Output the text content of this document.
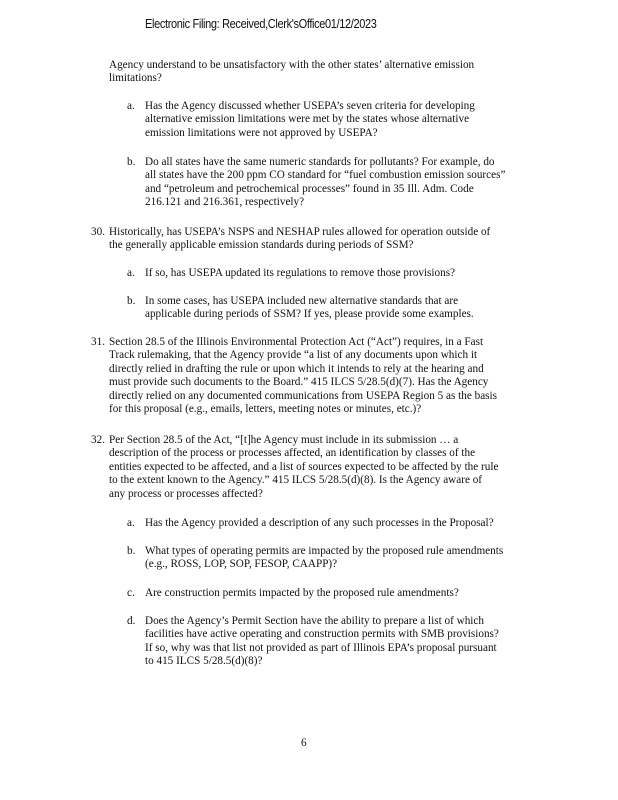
Electronic Filing: Received,Clerk'sOffice01/12/2023
Agency understand to be unsatisfactory with the other states’ alternative emission
limitations?
a. Has the Agency discussed whether USEPA’s seven criteria for developing
alternative emission limitations were met by the states whose alternative
emission limitations were not approved by USEPA?
b. Do all states have the same numeric standards for pollutants? For example, do
all states have the 200 ppm CO standard for “fuel combustion emission sources”
and “petroleum and petrochemical processes” found in 35 Ill. Adm. Code
216.121 and 216.361, respectively?
30. Historically, has USEPA’s NSPS and NESHAP rules allowed for operation outside of
the generally applicable emission standards during periods of SSM?
a. If so, has USEPA updated its regulations to remove those provisions?
b. In some cases, has USEPA included new alternative standards that are
applicable during periods of SSM? If yes, please provide some examples.
31. Section 28.5 of the Illinois Environmental Protection Act (“Act”) requires, in a Fast
Track rulemaking, that the Agency provide “a list of any documents upon which it
directly relied in drafting the rule or upon which it intends to rely at the hearing and
must provide such documents to the Board.” 415 ILCS 5/28.5(d)(7). Has the Agency
directly relied on any documented communications from USEPA Region 5 as the basis
for this proposal (e.g., emails, letters, meeting notes or minutes, etc.)?
32. Per Section 28.5 of the Act, “[t]he Agency must include in its submission … a
description of the process or processes affected, an identification by classes of the
entities expected to be affected, and a list of sources expected to be affected by the rule
to the extent known to the Agency.” 415 ILCS 5/28.5(d)(8). Is the Agency aware of
any process or processes affected?
a. Has the Agency provided a description of any such processes in the Proposal?
b. What types of operating permits are impacted by the proposed rule amendments
(e.g., ROSS, LOP, SOP, FESOP, CAAPP)?
c. Are construction permits impacted by the proposed rule amendments?
d. Does the Agency’s Permit Section have the ability to prepare a list of which
facilities have active operating and construction permits with SMB provisions?
If so, why was that list not provided as part of Illinois EPA’s proposal pursuant
to 415 ILCS 5/28.5(d)(8)?
6
